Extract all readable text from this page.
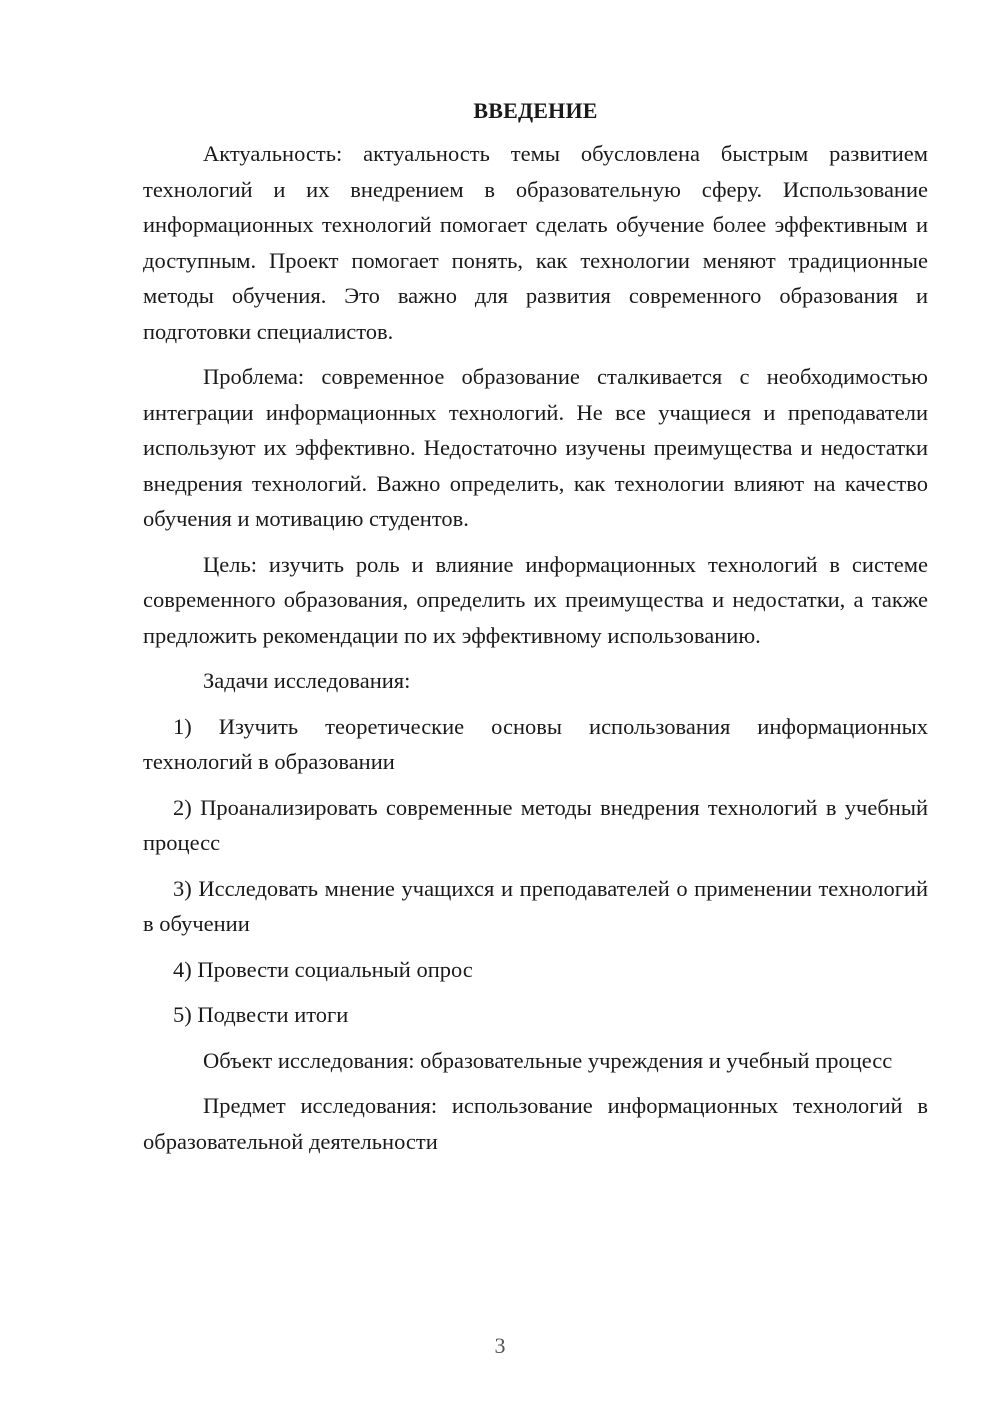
ВВЕДЕНИЕ

Актуальность: актуальность темы обусловлена быстрым развитием технологий и их внедрением в образовательную сферу. Использование информационных технологий помогает сделать обучение более эффективным и доступным. Проект помогает понять, как технологии меняют традиционные методы обучения. Это важно для развития современного образования и подготовки специалистов.

Проблема: современное образование сталкивается с необходимостью интеграции информационных технологий. Не все учащиеся и преподаватели используют их эффективно. Недостаточно изучены преимущества и недостатки внедрения технологий. Важно определить, как технологии влияют на качество обучения и мотивацию студентов.

Цель: изучить роль и влияние информационных технологий в системе современного образования, определить их преимущества и недостатки, а также предложить рекомендации по их эффективному использованию.

Задачи исследования:

1) Изучить теоретические основы использования информационных технологий в образовании

2) Проанализировать современные методы внедрения технологий в учебный процесс

3) Исследовать мнение учащихся и преподавателей о применении технологий в обучении

4) Провести социальный опрос

5) Подвести итоги

Объект исследования: образовательные учреждения и учебный процесс

Предмет исследования: использование информационных технологий в образовательной деятельности

3
